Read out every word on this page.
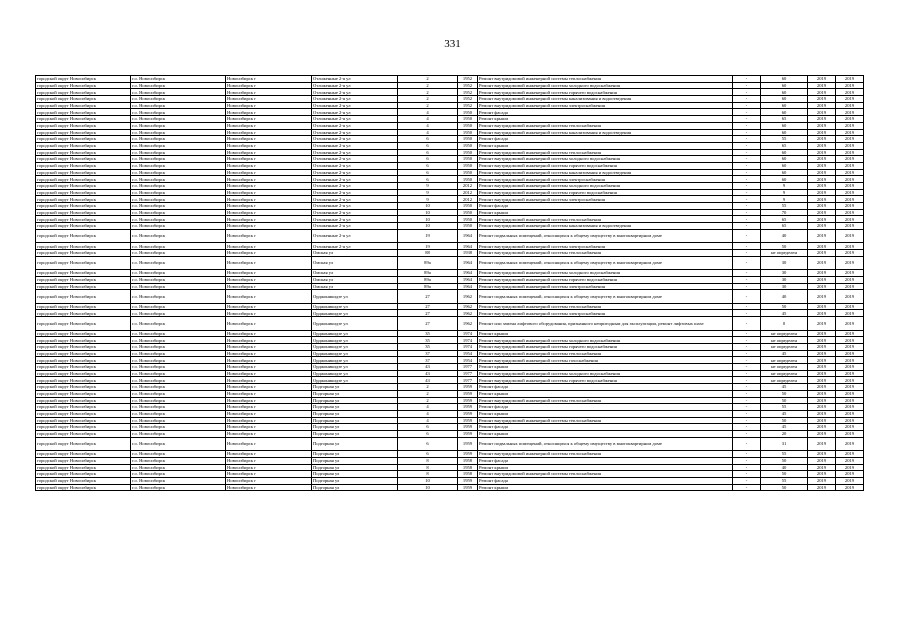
331
городской округ Новосибирск	г.о. Новосибирск	Новосибирск г	Отложенные 2-я ул	2	1952	Ремонт внутридомовой инженерной системы теплоснабжения	-	60	2019	2019
городской округ Новосибирск	г.о. Новосибирск	Новосибирск г	Отложенные 2-я ул	2	1952	Ремонт внутридомовой инженерной системы холодного водоснабжения	-	60	2019	2019
городской округ Новосибирск	г.о. Новосибирск	Новосибирск г	Отложенные 2-я ул	2	1952	Ремонт внутридомовой инженерной системы горячего водоснабжения	-	60	2019	2019
городской округ Новосибирск	г.о. Новосибирск	Новосибирск г	Отложенные 2-я ул	2	1952	Ремонт внутридомовой инженерной системы канализования и водоотведения	-	60	2019	2019
городской округ Новосибирск	г.о. Новосибирск	Новосибирск г	Отложенные 2-я ул	2	1952	Ремонт внутридомовой инженерной системы электроснабжения	-	60	2019	2019
городской округ Новосибирск	г.о. Новосибирск	Новосибирск г	Отложенные 2-я ул	4	1950	Ремонт фасада	-	60	2019	2019
городской округ Новосибирск	г.о. Новосибирск	Новосибирск г	Отложенные 2-я ул	4	1950	Ремонт крыши	-	65	2019	2019
городской округ Новосибирск	г.о. Новосибирск	Новосибирск г	Отложенные 2-я ул	4	1950	Ремонт внутридомовой инженерной системы теплоснабжения	-	60	2019	2019
городской округ Новосибирск	г.о. Новосибирск	Новосибирск г	Отложенные 2-я ул	4	1950	Ремонт внутридомовой инженерной системы канализования и водоотведения	-	60	2019	2019
городской округ Новосибирск	г.о. Новосибирск	Новосибирск г	Отложенные 2-я ул	6	1950	Ремонт фасада	-	55	2019	2019
городской округ Новосибирск	г.о. Новосибирск	Новосибирск г	Отложенные 2-я ул	6	1950	Ремонт крыши	-	65	2019	2019
городской округ Новосибирск	г.о. Новосибирск	Новосибирск г	Отложенные 2-я ул	6	1950	Ремонт внутридомовой инженерной системы теплоснабжения	-	60	2019	2019
городской округ Новосибирск	г.о. Новосибирск	Новосибирск г	Отложенные 2-я ул	6	1950	Ремонт внутридомовой инженерной системы холодного водоснабжения	-	60	2019	2019
городской округ Новосибирск	г.о. Новосибирск	Новосибирск г	Отложенные 2-я ул	6	1950	Ремонт внутридомовой инженерной системы горячего водоснабжения	-	60	2019	2019
городской округ Новосибирск	г.о. Новосибирск	Новосибирск г	Отложенные 2-я ул	6	1950	Ремонт внутридомовой инженерной системы канализования и водоотведения	-	60	2019	2019
городской округ Новосибирск	г.о. Новосибирск	Новосибирск г	Отложенные 2-я ул	6	1950	Ремонт внутридомовой инженерной системы электроснабжения	-	60	2019	2019
городской округ Новосибирск	г.о. Новосибирск	Новосибирск г	Отложенные 2-я ул	9	2012	Ремонт внутридомовой инженерной системы холодного водоснабжения	-	9	2019	2019
городской округ Новосибирск	г.о. Новосибирск	Новосибирск г	Отложенные 2-я ул	9	2012	Ремонт внутридомовой инженерной системы горячего водоснабжения	-	9	2019	2019
городской округ Новосибирск	г.о. Новосибирск	Новосибирск г	Отложенные 2-я ул	9	2012	Ремонт внутридомовой инженерной системы электроснабжения	-	9	2019	2019
городской округ Новосибирск	г.о. Новосибирск	Новосибирск г	Отложенные 2-я ул	10	1950	Ремонт фасада	-	55	2019	2019
городской округ Новосибирск	г.о. Новосибирск	Новосибирск г	Отложенные 2-я ул	10	1950	Ремонт крыши	-	70	2019	2019
городской округ Новосибирск	г.о. Новосибирск	Новосибирск г	Отложенные 2-я ул	10	1950	Ремонт внутридомовой инженерной системы теплоснабжения	-	65	2019	2019
городской округ Новосибирск	г.о. Новосибирск	Новосибирск г	Отложенные 2-я ул	10	1950	Ремонт внутридомовой инженерной системы канализования и водоотведения	-	65	2019	2019
городской округ Новосибирск	г.о. Новосибирск	Новосибирск г	Отложенные 2-я ул	19	1964	Ремонт подвальных помещений, относящихся к общему имуществу в многоквартирном доме	-	40	2019	2019
городской округ Новосибирск	г.о. Новосибирск	Новосибирск г	Отложенные 2-я ул	19	1964	Ремонт внутридомовой инженерной системы электроснабжения	-	50	2019	2019
городской округ Новосибирск	г.о. Новосибирск	Новосибирск г	Омская ул	88	1938	Ремонт внутридомовой инженерной системы теплоснабжения	-	не определен	2019	2019
городской округ Новосибирск	г.о. Новосибирск	Новосибирск г	Омская ул	89а	1964	Ремонт подвальных помещений, относящихся к общему имуществу в многоквартирном доме	-	30	2019	2019
городской округ Новосибирск	г.о. Новосибирск	Новосибирск г	Омская ул	89а	1964	Ремонт внутридомовой инженерной системы холодного водоснабжения	-	30	2019	2019
городской округ Новосибирск	г.о. Новосибирск	Новосибирск г	Омская ул	89а	1964	Ремонт внутридомовой инженерной системы горячего водоснабжения	-	30	2019	2019
городской округ Новосибирск	г.о. Новосибирск	Новосибирск г	Омская ул	89а	1964	Ремонт внутридомовой инженерной системы электроснабжения	-	30	2019	2019
городской округ Новосибирск	г.о. Новосибирск	Новосибирск г	Орджоникидзе ул	27	1962	Ремонт подвальных помещений, относящихся к общему имуществу в многоквартирном доме	-	40	2019	2019
городской округ Новосибирск	г.о. Новосибирск	Новосибирск г	Орджоникидзе ул	27	1962	Ремонт внутридомовой инженерной системы теплоснабжения	-	50	2019	2019
городской округ Новосибирск	г.о. Новосибирск	Новосибирск г	Орджоникидзе ул	27	1962	Ремонт внутридомовой инженерной системы электроснабжения	-	45	2019	2019
городской округ Новосибирск	г.о. Новосибирск	Новосибирск г	Орджоникидзе ул	27	1962	Ремонт или замена лифтового оборудования, признанного непригодным для эксплуатации, ремонт лифтовых шахт	-	0	2019	2019
городской округ Новосибирск	г.о. Новосибирск	Новосибирск г	Орджоникидзе ул	35	1974	Ремонт крыши	-	не определен	2019	2019
городской округ Новосибирск	г.о. Новосибирск	Новосибирск г	Орджоникидзе ул	35	1974	Ремонт внутридомовой инженерной системы холодного водоснабжения	-	не определен	2019	2019
городской округ Новосибирск	г.о. Новосибирск	Новосибирск г	Орджоникидзе ул	35	1974	Ремонт внутридомовой инженерной системы горячего водоснабжения	-	не определен	2019	2019
городской округ Новосибирск	г.о. Новосибирск	Новосибирск г	Орджоникидзе ул	37	1954	Ремонт внутридомовой инженерной системы теплоснабжения	-	45	2019	2019
городской округ Новосибирск	г.о. Новосибирск	Новосибирск г	Орджоникидзе ул	37	1954	Ремонт внутридомовой инженерной системы газоснабжения	-	не определен	2019	2019
городской округ Новосибирск	г.о. Новосибирск	Новосибирск г	Орджоникидзе ул	43	1977	Ремонт крыши	-	не определен	2019	2019
городской округ Новосибирск	г.о. Новосибирск	Новосибирск г	Орджоникидзе ул	43	1977	Ремонт внутридомовой инженерной системы холодного водоснабжения	-	не определен	2019	2019
городской округ Новосибирск	г.о. Новосибирск	Новосибирск г	Орджоникидзе ул	43	1977	Ремонт внутридомовой инженерной системы горячего водоснабжения	-	не определен	2019	2019
городской округ Новосибирск	г.о. Новосибирск	Новосибирск г	Подгорная ул	2	1959	Ремонт фасада	-	45	2019	2019
городской округ Новосибирск	г.о. Новосибирск	Новосибирск г	Подгорная ул	2	1959	Ремонт крыши	-	50	2019	2019
городской округ Новосибирск	г.о. Новосибирск	Новосибирск г	Подгорная ул	2	1959	Ремонт внутридомовой инженерной системы теплоснабжения	-	50	2019	2019
городской округ Новосибирск	г.о. Новосибирск	Новосибирск г	Подгорная ул	4	1959	Ремонт фасада	-	55	2019	2019
городской округ Новосибирск	г.о. Новосибирск	Новосибирск г	Подгорная ул	4	1959	Ремонт крыши	-	45	2019	2019
городской округ Новосибирск	г.о. Новосибирск	Новосибирск г	Подгорная ул	4	1959	Ремонт внутридомовой инженерной системы теплоснабжения	-	50	2019	2019
городской округ Новосибирск	г.о. Новосибирск	Новосибирск г	Подгорная ул	6	1959	Ремонт фасада	-	45	2019	2019
городской округ Новосибирск	г.о. Новосибирск	Новосибирск г	Подгорная ул	6	1959	Ремонт крыши	-	20	2019	2019
городской округ Новосибирск	г.о. Новосибирск	Новосибирск г	Подгорная ул	6	1959	Ремонт подвальных помещений, относящихся к общему имуществу в многоквартирном доме	-	31	2019	2019
городской округ Новосибирск	г.о. Новосибирск	Новосибирск г	Подгорная ул	6	1959	Ремонт внутридомовой инженерной системы теплоснабжения	-	55	2019	2019
городской округ Новосибирск	г.о. Новосибирск	Новосибирск г	Подгорная ул	8	1958	Ремонт фасада	-	50	2019	2019
городской округ Новосибирск	г.о. Новосибирск	Новосибирск г	Подгорная ул	8	1958	Ремонт крыши	-	40	2019	2019
городской округ Новосибирск	г.о. Новосибирск	Новосибирск г	Подгорная ул	8	1958	Ремонт внутридомовой инженерной системы теплоснабжения	-	50	2019	2019
городской округ Новосибирск	г.о. Новосибирск	Новосибирск г	Подгорная ул	10	1959	Ремонт фасада	-	55	2019	2019
городской округ Новосибирск	г.о. Новосибирск	Новосибирск г	Подгорная ул	10	1959	Ремонт крыши	-	50	2019	2019
